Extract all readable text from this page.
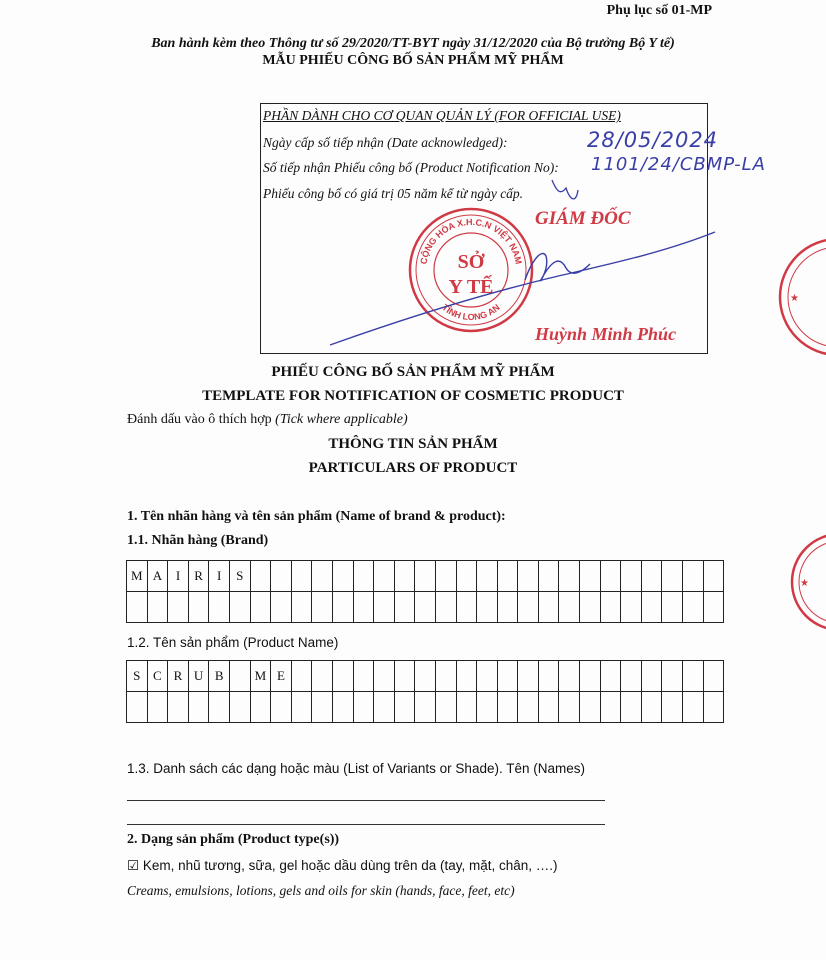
Phụ lục số 01-MP
Ban hành kèm theo Thông tư số 29/2020/TT-BYT ngày 31/12/2020 của Bộ trưởng Bộ Y tế)
MẪU PHIẾU CÔNG BỐ SẢN PHẨM MỸ PHẨM
PHẦN DÀNH CHO CƠ QUAN QUẢN LÝ (FOR OFFICIAL USE)
Ngày cấp số tiếp nhận (Date acknowledged):
Số tiếp nhận Phiếu công bố (Product Notification No):
Phiếu công bố có giá trị 05 năm kể từ ngày cấp.
28/05/2024
1101/24/CBMP-LA
GIÁM ĐỐC
Huỳnh Minh Phúc
CỘNG HÒA X.H.C.N VIỆT NAM
TỈNH LONG AN
SỞ
Y TẾ
★
★
PHIẾU CÔNG BỐ SẢN PHẨM MỸ PHẨM
TEMPLATE FOR NOTIFICATION OF COSMETIC PRODUCT
Đánh dấu vào ô thích hợp (Tick where applicable)
THÔNG TIN SẢN PHẨM
PARTICULARS OF PRODUCT
1. Tên nhãn hàng và tên sản phẩm (Name of brand & product):
1.1. Nhãn hàng (Brand)
M	A	I	R	I	S																							

1.2. Tên sản phẩm (Product Name)
S	C	R	U	B		M	E																					

1.3. Danh sách các dạng hoặc màu (List of Variants or Shade). Tên (Names)
2. Dạng sản phẩm (Product type(s))
☑ Kem, nhũ tương, sữa, gel hoặc dầu dùng trên da (tay, mặt, chân, ….)
Creams, emulsions, lotions, gels and oils for skin (hands, face, feet, etc)
